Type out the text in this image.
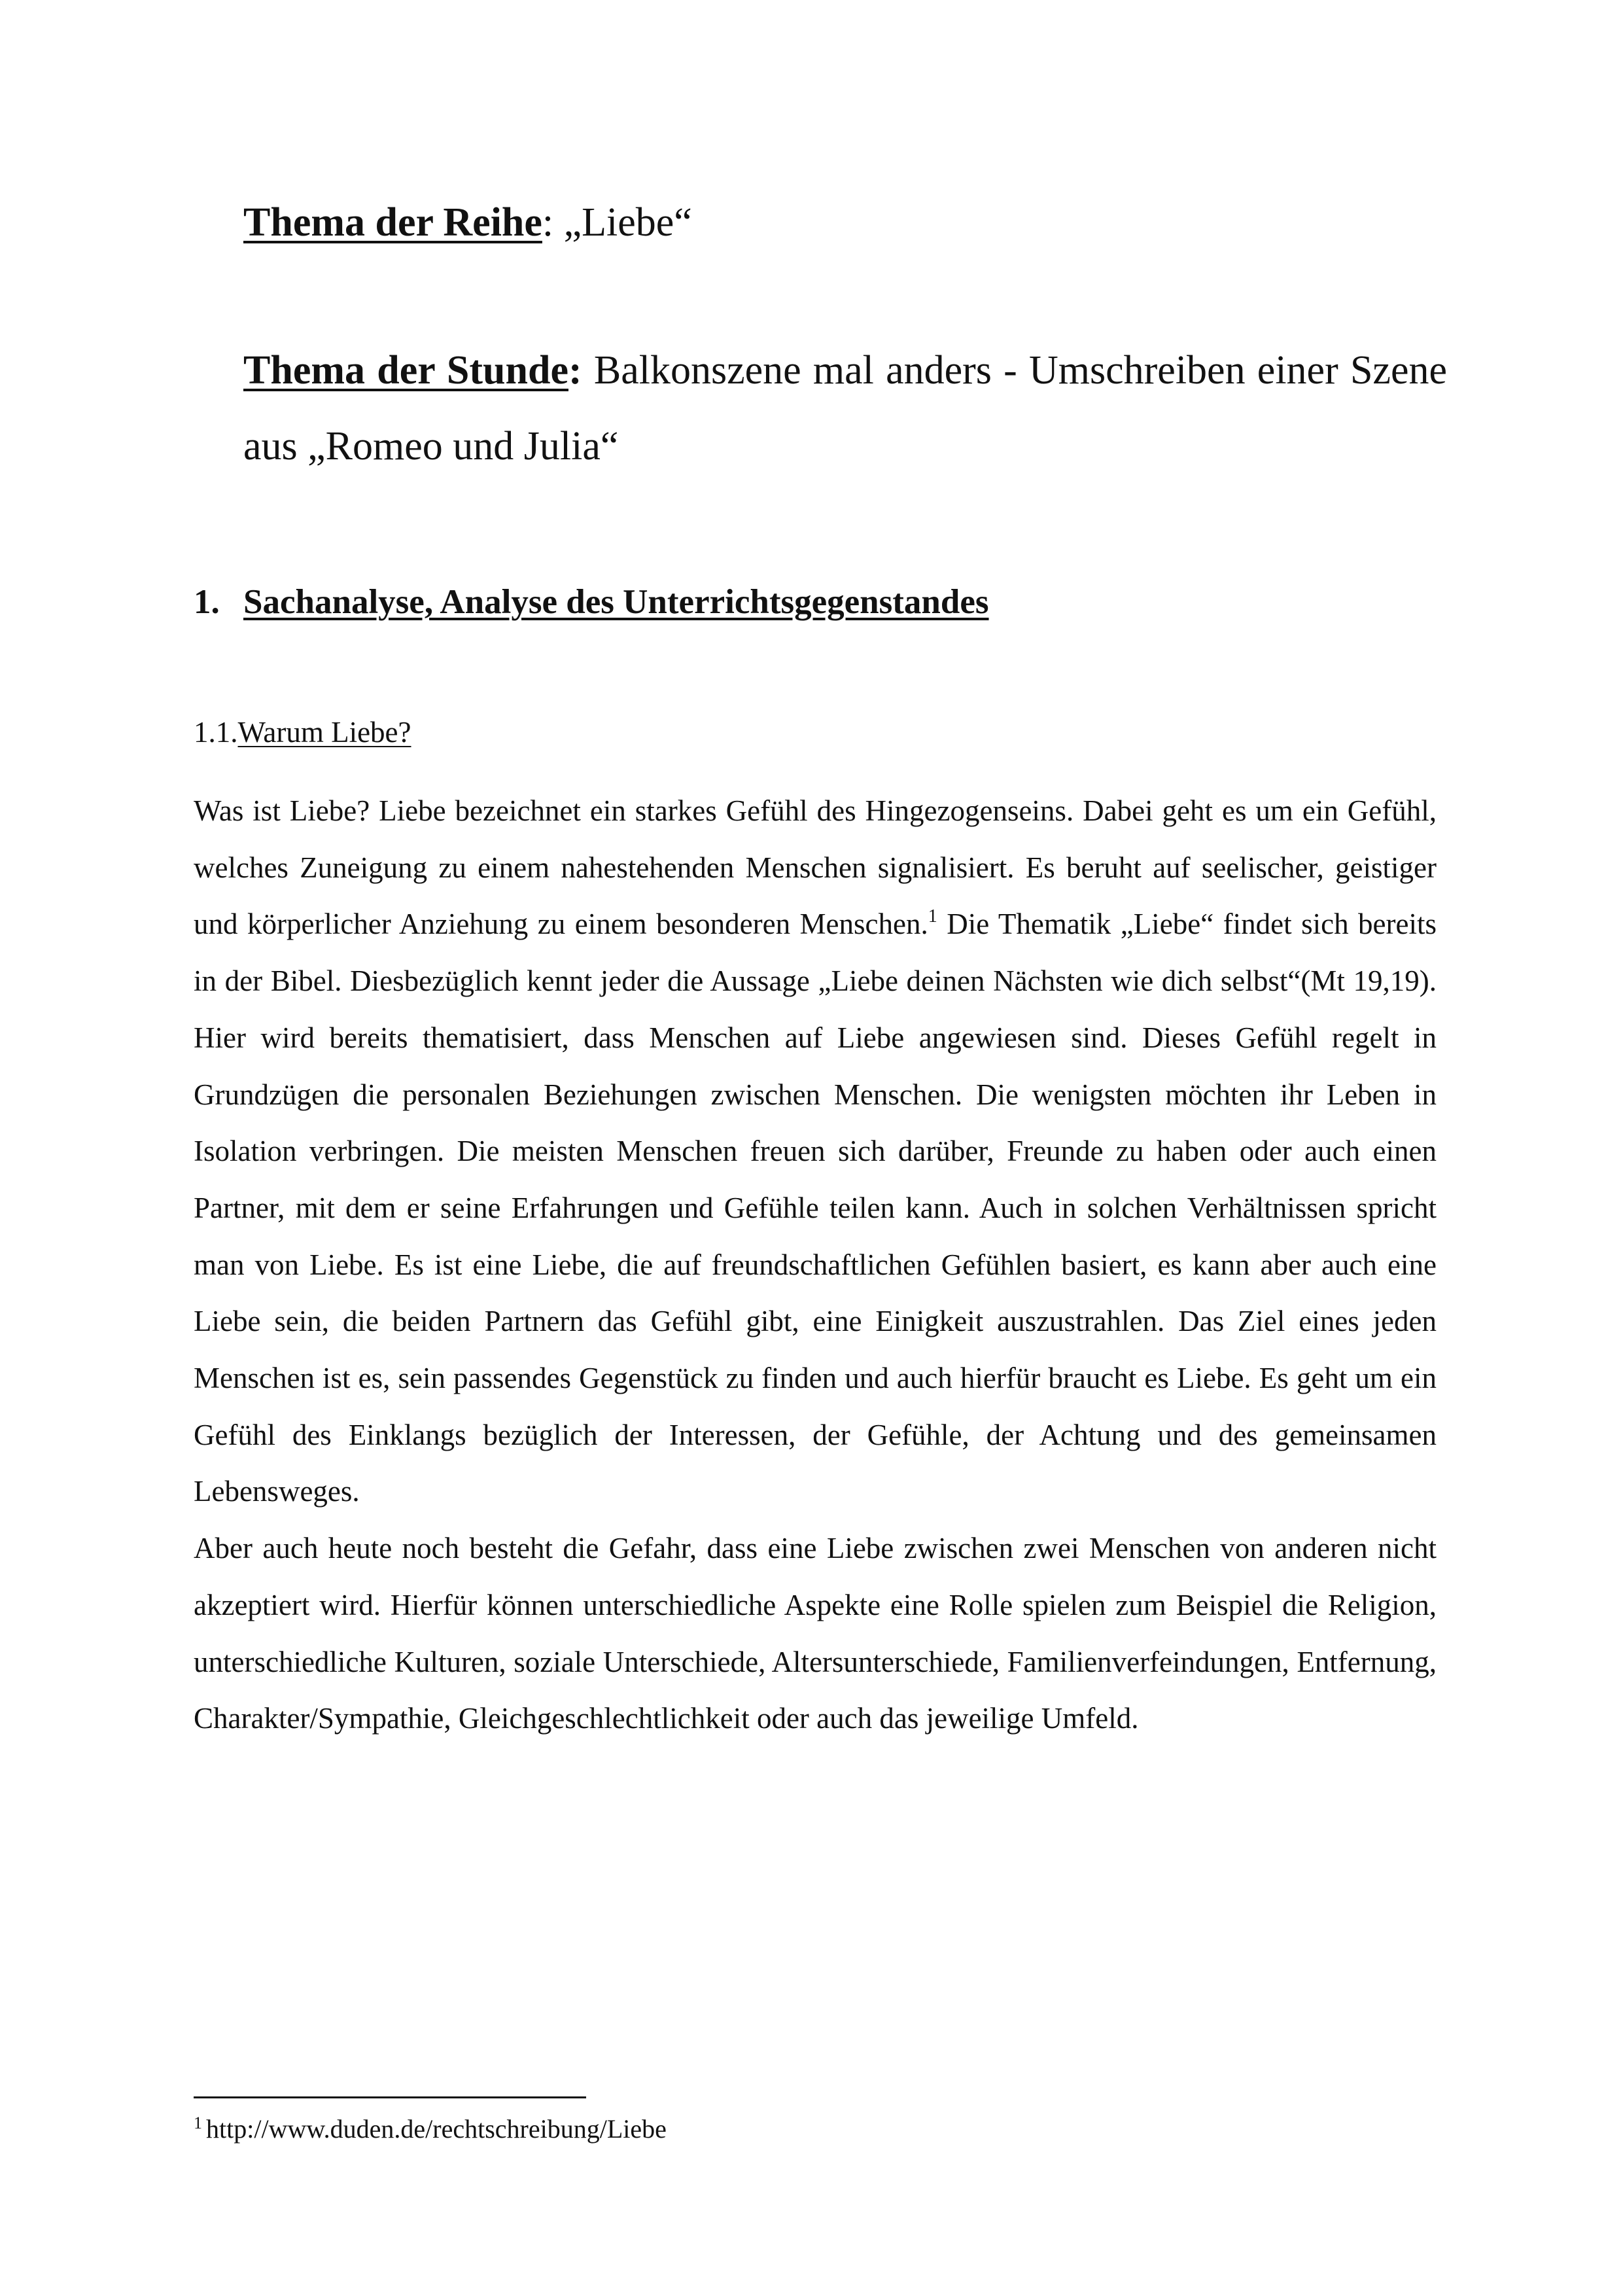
Thema der Reihe: „Liebe“
Thema der Stunde: Balkonszene mal anders - Umschreiben einer Szene aus „Romeo und Julia“
1. Sachanalyse, Analyse des Unterrichtsgegenstandes
1.1.Warum Liebe?

Was ist Liebe? Liebe bezeichnet ein starkes Gefühl des Hingezogenseins. Dabei geht es um ein Gefühl, welches Zuneigung zu einem nahestehenden Menschen signalisiert. Es beruht auf seelischer, geistiger und körperlicher Anziehung zu einem besonderen Menschen.$^1$ Die Thematik „Liebe“ findet sich bereits in der Bibel. Diesbezüglich kennt jeder die Aussage „Liebe deinen Nächsten wie dich selbst“(Mt 19,19). Hier wird bereits thematisiert, dass Menschen auf Liebe angewiesen sind. Dieses Gefühl regelt in Grundzügen die personalen Beziehungen zwischen Menschen. Die wenigsten möchten ihr Leben in Isolation verbringen. Die meisten Menschen freuen sich darüber, Freunde zu haben oder auch einen Partner, mit dem er seine Erfahrungen und Gefühle teilen kann. Auch in solchen Verhältnissen spricht man von Liebe. Es ist eine Liebe, die auf freundschaftlichen Gefühlen basiert, es kann aber auch eine Liebe sein, die beiden Partnern das Gefühl gibt, eine Einigkeit auszustrahlen. Das Ziel eines jeden Menschen ist es, sein passendes Gegenstück zu finden und auch hierfür braucht es Liebe. Es geht um ein Gefühl des Einklangs bezüglich der Interessen, der Gefühle, der Achtung und des gemeinsamen Lebensweges.

Aber auch heute noch besteht die Gefahr, dass eine Liebe zwischen zwei Menschen von anderen nicht akzeptiert wird. Hierfür können unterschiedliche Aspekte eine Rolle spielen zum Beispiel die Religion, unterschiedliche Kulturen, soziale Unterschiede, Altersunterschiede, Familienverfeindungen, Entfernung, Charakter/Sympathie, Gleichgeschlechtlichkeit oder auch das jeweilige Umfeld.

$^1$ http://www.duden.de/rechtschreibung/Liebe
